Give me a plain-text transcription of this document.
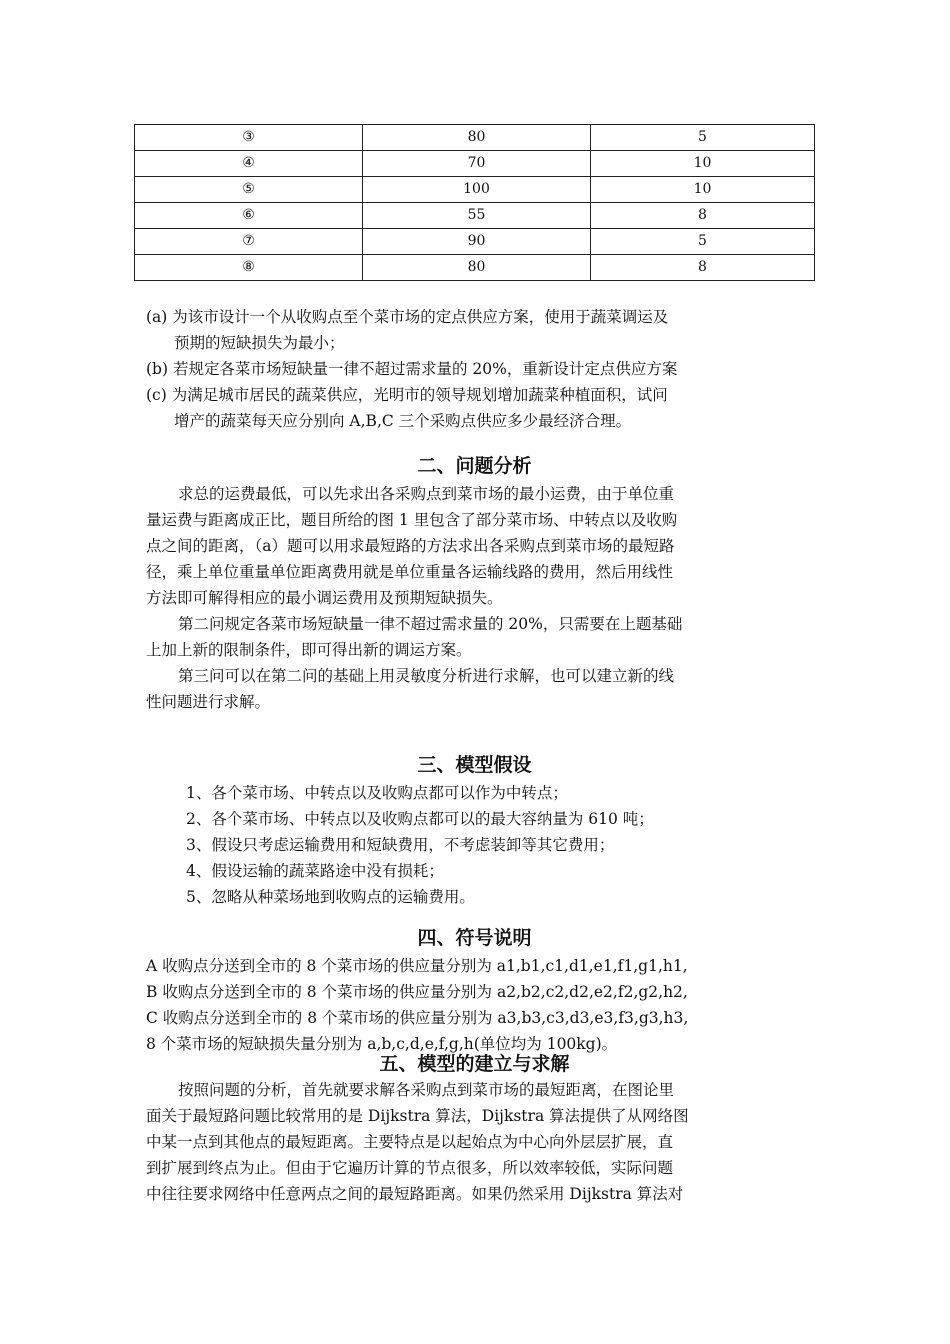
③	80	5
④	70	10
⑤	100	10
⑥	55	8
⑦	90	5
⑧	80	8
(a) 为该市设计一个从收购点至个菜市场的定点供应方案，使用于蔬菜调运及
预期的短缺损失为最小；
(b) 若规定各菜市场短缺量一律不超过需求量的 20%，重新设计定点供应方案
(c) 为满足城市居民的蔬菜供应，光明市的领导规划增加蔬菜种植面积，试问
增产的蔬菜每天应分别向 A,B,C 三个采购点供应多少最经济合理。
二、问题分析
求总的运费最低，可以先求出各采购点到菜市场的最小运费，由于单位重
量运费与距离成正比，题目所给的图 1 里包含了部分菜市场、中转点以及收购
点之间的距离，（a）题可以用求最短路的方法求出各采购点到菜市场的最短路
径，乘上单位重量单位距离费用就是单位重量各运输线路的费用，然后用线性
方法即可解得相应的最小调运费用及预期短缺损失。
第二问规定各菜市场短缺量一律不超过需求量的 20%，只需要在上题基础
上加上新的限制条件，即可得出新的调运方案。
第三问可以在第二问的基础上用灵敏度分析进行求解，也可以建立新的线
性问题进行求解。
三、模型假设
1、各个菜市场、中转点以及收购点都可以作为中转点；
2、各个菜市场、中转点以及收购点都可以的最大容纳量为 610 吨；
3、假设只考虑运输费用和短缺费用，不考虑装卸等其它费用；
4、假设运输的蔬菜路途中没有损耗；
5、忽略从种菜场地到收购点的运输费用。
四、符号说明
A 收购点分送到全市的 8 个菜市场的供应量分别为 a1,b1,c1,d1,e1,f1,g1,h1,
B 收购点分送到全市的 8 个菜市场的供应量分别为 a2,b2,c2,d2,e2,f2,g2,h2,
C 收购点分送到全市的 8 个菜市场的供应量分别为 a3,b3,c3,d3,e3,f3,g3,h3,
8 个菜市场的短缺损失量分别为 a,b,c,d,e,f,g,h(单位均为 100kg)。
五、模型的建立与求解
按照问题的分析，首先就要求解各采购点到菜市场的最短距离，在图论里
面关于最短路问题比较常用的是 Dijkstra 算法，Dijkstra 算法提供了从网络图
中某一点到其他点的最短距离。主要特点是以起始点为中心向外层层扩展，直
到扩展到终点为止。但由于它遍历计算的节点很多，所以效率较低，实际问题
中往往要求网络中任意两点之间的最短路距离。如果仍然采用 Dijkstra 算法对
